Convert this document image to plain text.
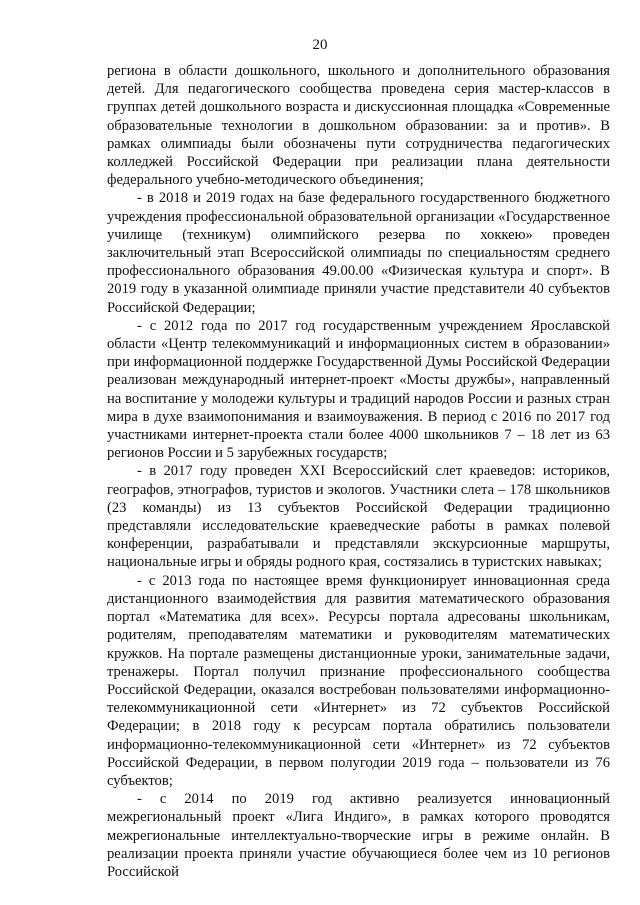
20

региона в области дошкольного, школьного и дополнительного образования детей. Для педагогического сообщества проведена серия мастер-классов в группах детей дошкольного возраста и дискуссионная площадка «Современные образовательные технологии в дошкольном образовании: за и против». В рамках олимпиады были обозначены пути сотрудничества педагогических колледжей Российской Федерации при реализации плана деятельности федерального учебно-методического объединения;

- в 2018 и 2019 годах на базе федерального государственного бюджетного учреждения профессиональной образовательной организации «Государственное училище (техникум) олимпийского резерва по хоккею» проведен заключительный этап Всероссийской олимпиады по специальностям среднего профессионального образования 49.00.00 «Физическая культура и спорт». В 2019 году в указанной олимпиаде приняли участие представители 40 субъектов Российской Федерации;

- с 2012 года по 2017 год государственным учреждением Ярославской области «Центр телекоммуникаций и информационных систем в образовании» при информационной поддержке Государственной Думы Российской Федерации реализован международный интернет-проект «Мосты дружбы», направленный на воспитание у молодежи культуры и традиций народов России и разных стран мира в духе взаимопонимания и взаимоуважения. В период с 2016 по 2017 год участниками интернет-проекта стали более 4000 школьников 7 – 18 лет из 63 регионов России и 5 зарубежных государств;

- в 2017 году проведен XXI Всероссийский слет краеведов: историков, географов, этнографов, туристов и экологов. Участники слета – 178 школьников (23 команды) из 13 субъектов Российской Федерации традиционно представляли исследовательские краеведческие работы в рамках полевой конференции, разрабатывали и представляли экскурсионные маршруты, национальные игры и обряды родного края, состязались в туристских навыках;

- с 2013 года по настоящее время функционирует инновационная среда дистанционного взаимодействия для развития математического образования портал «Математика для всех». Ресурсы портала адресованы школьникам, родителям, преподавателям математики и руководителям математических кружков. На портале размещены дистанционные уроки, занимательные задачи, тренажеры. Портал получил признание профессионального сообщества Российской Федерации, оказался востребован пользователями информационно-телекоммуникационной сети «Интернет» из 72 субъектов Российской Федерации; в 2018 году к ресурсам портала обратились пользователи информационно-телекоммуникационной сети «Интернет» из 72 субъектов Российской Федерации, в первом полугодии 2019 года – пользователи из 76 субъектов;

- с 2014 по 2019 год активно реализуется инновационный межрегиональный проект «Лига Индиго», в рамках которого проводятся межрегиональные интеллектуально-творческие игры в режиме онлайн. В реализации проекта приняли участие обучающиеся более чем из 10 регионов Российской
